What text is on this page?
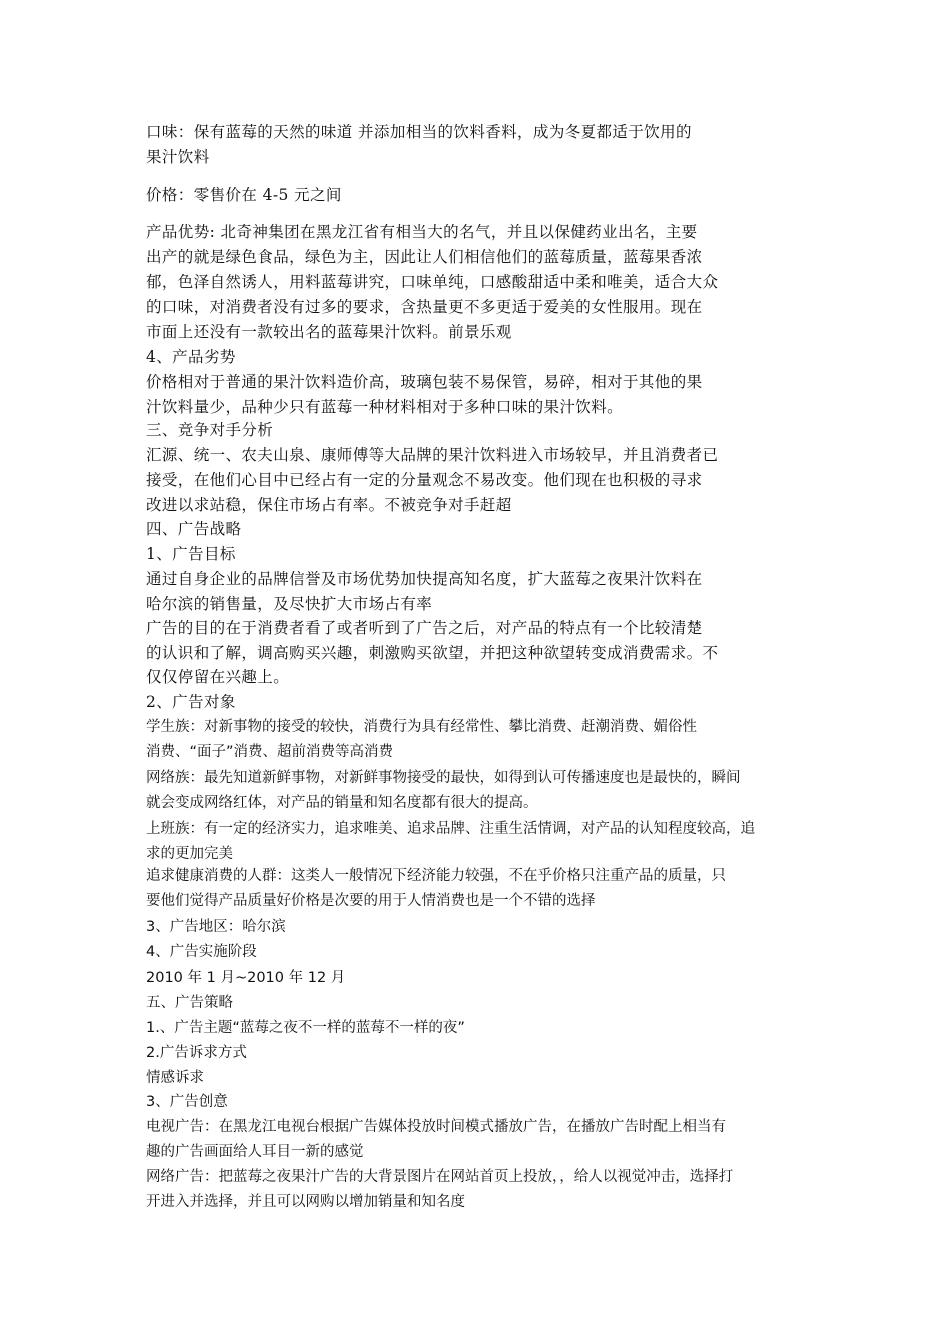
口味：保有蓝莓的天然的味道 并添加相当的饮料香料，成为冬夏都适于饮用的
果汁饮料
价格：零售价在 4-5 元之间
产品优势: 北奇神集团在黑龙江省有相当大的名气，并且以保健药业出名，主要
出产的就是绿色食品，绿色为主，因此让人们相信他们的蓝莓质量，蓝莓果香浓
郁，色泽自然诱人，用料蓝莓讲究，口味单纯，口感酸甜适中柔和唯美，适合大众
的口味，对消费者没有过多的要求，含热量更不多更适于爱美的女性服用。现在
市面上还没有一款较出名的蓝莓果汁饮料。前景乐观
4、产品劣势
价格相对于普通的果汁饮料造价高，玻璃包装不易保管，易碎，相对于其他的果
汁饮料量少，品种少只有蓝莓一种材料相对于多种口味的果汁饮料。
三、竞争对手分析
汇源、统一、农夫山泉、康师傅等大品牌的果汁饮料进入市场较早，并且消费者已
接受，在他们心目中已经占有一定的分量观念不易改变。他们现在也积极的寻求
改进以求站稳，保住市场占有率。不被竞争对手赶超
四、广告战略
1、广告目标
通过自身企业的品牌信誉及市场优势加快提高知名度，扩大蓝莓之夜果汁饮料在
哈尔滨的销售量，及尽快扩大市场占有率
广告的目的在于消费者看了或者听到了广告之后，对产品的特点有一个比较清楚
的认识和了解，调高购买兴趣，刺激购买欲望，并把这种欲望转变成消费需求。不
仅仅停留在兴趣上。
2、广告对象
学生族：对新事物的接受的较快，消费行为具有经常性、攀比消费、赶潮消费、媚俗性
消费、“面子”消费、超前消费等高消费
网络族：最先知道新鲜事物，对新鲜事物接受的最快，如得到认可传播速度也是最快的，瞬间
就会变成网络红体，对产品的销量和知名度都有很大的提高。
上班族：有一定的经济实力，追求唯美、追求品牌、注重生活情调，对产品的认知程度较高，追
求的更加完美
追求健康消费的人群：这类人一般情况下经济能力较强，不在乎价格只注重产品的质量，只
要他们觉得产品质量好价格是次要的用于人情消费也是一个不错的选择
3、广告地区：哈尔滨
4、广告实施阶段
2010 年 1 月~2010 年 12 月
五、广告策略
1.、广告主题“蓝莓之夜不一样的蓝莓不一样的夜”
2.广告诉求方式
情感诉求
3、广告创意
电视广告：在黑龙江电视台根据广告媒体投放时间模式播放广告，在播放广告时配上相当有
趣的广告画面给人耳目一新的感觉
网络广告：把蓝莓之夜果汁广告的大背景图片在网站首页上投放，，给人以视觉冲击，选择打
开进入并选择，并且可以网购以增加销量和知名度
